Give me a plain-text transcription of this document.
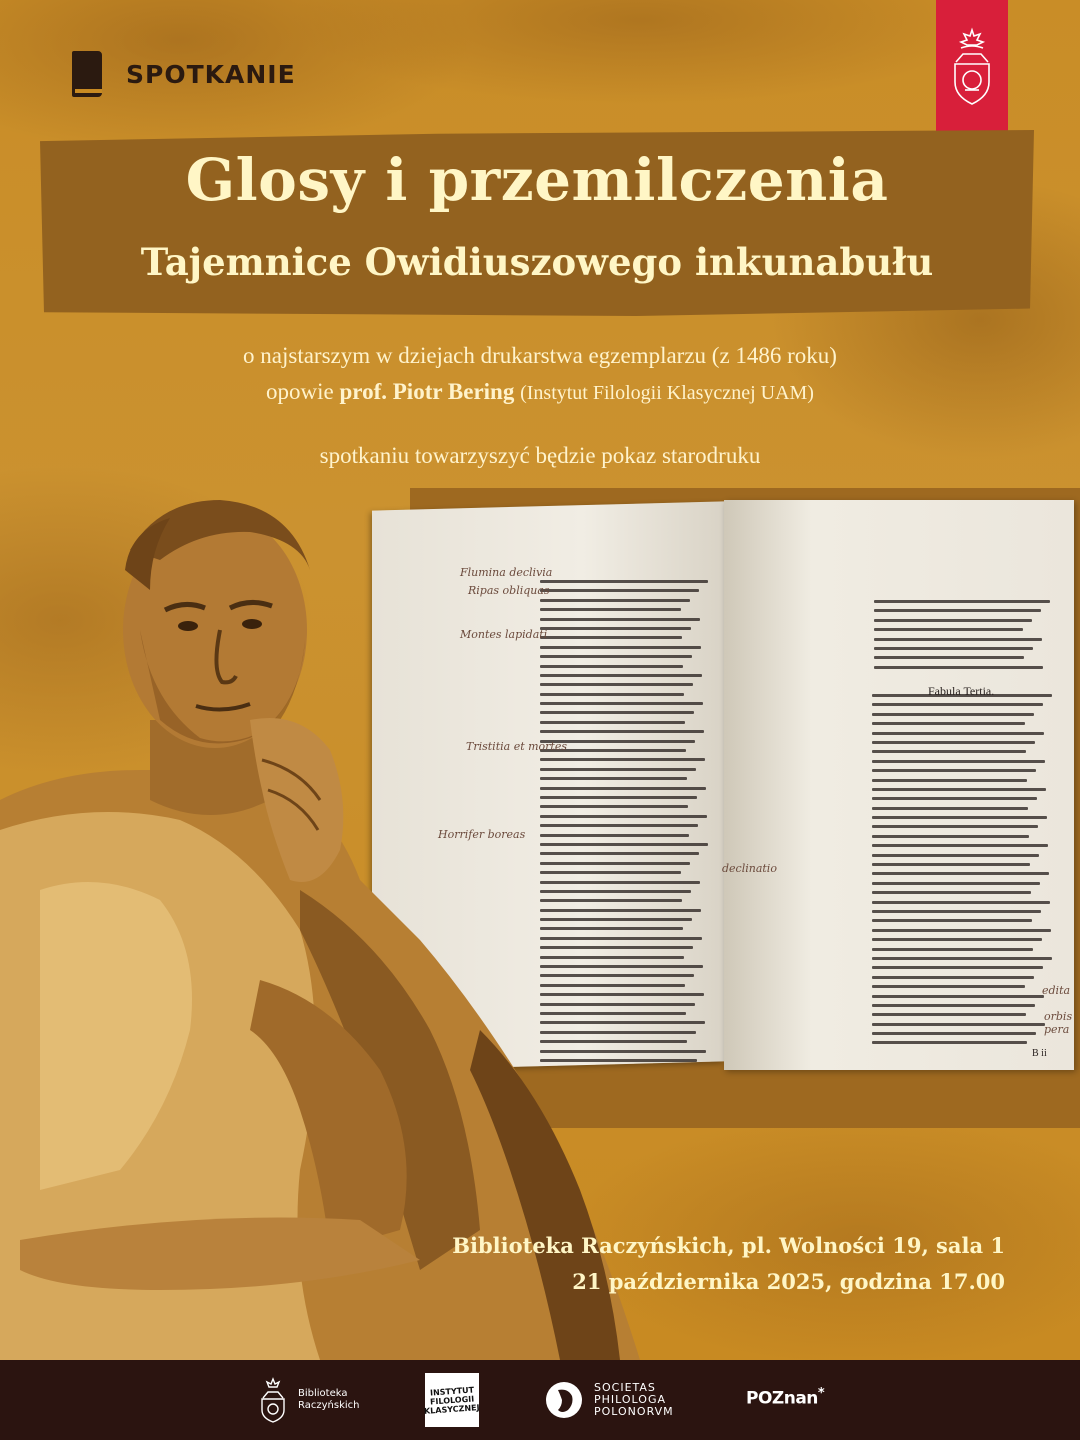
SPOTKANIE
Glosy i przemilczenia
Tajemnice Owidiuszowego inkunabułu
o najstarszym w dziejach drukarstwa egzemplarzu (z 1486 roku)
opowie prof. Piotr Bering (Instytut Filologii Klasycznej UAM)
spotkaniu towarzyszyć będzie pokaz starodruku
Flumina declivia
Ripas obliquas
Montes lapidati
Tristitia et mortes
Horrifer boreas
declinatio
edita
orbis pera
Fabula Tertia.
B ii
Biblioteka Raczyńskich, pl. Wolności 19, sala 1
21 października 2025, godzina 17.00
Biblioteka
Raczyńskich
INSTYTUT
FILOLOGII
KLASYCZNEJ
SOCIETAS
PHILOLOGA
POLONORVM
POZnan*
